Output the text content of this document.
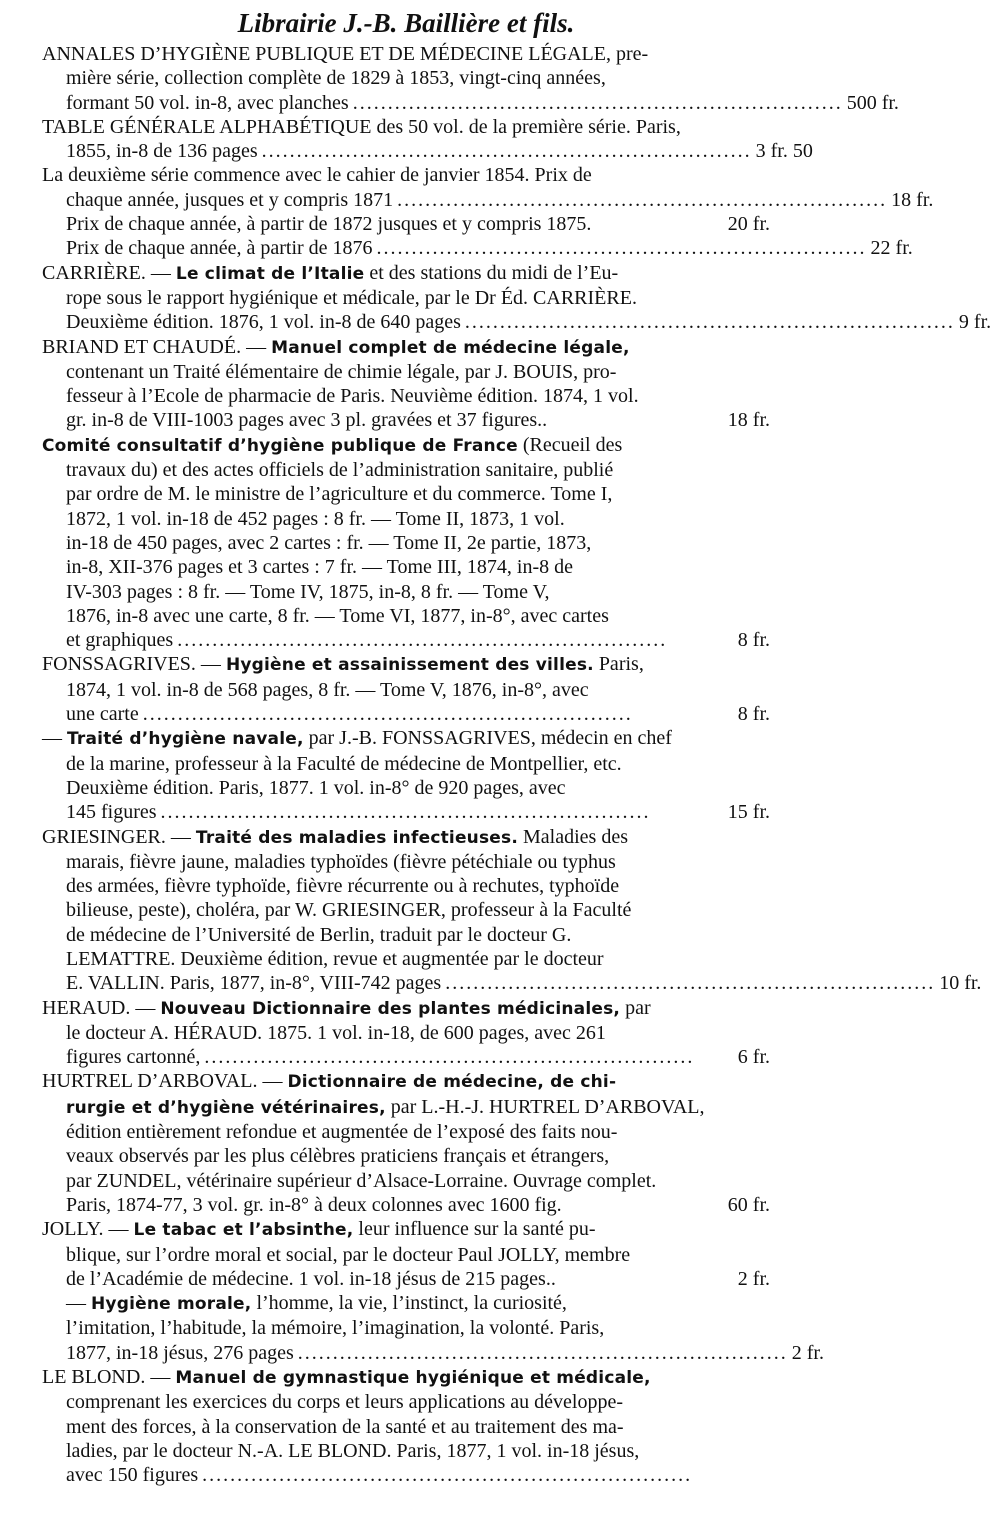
Librairie J.-B. Baillière et fils.
ANNALES D’HYGIÈNE PUBLIQUE ET DE MÉDECINE LÉGALE, pre-
mière série, collection complète de 1829 à 1853, vingt-cinq années,
formant 50 vol. in-8, avec planches ...................................................................... 500 fr.
TABLE GÉNÉRALE ALPHABÉTIQUE des 50 vol. de la première série. Paris,
1855, in-8 de 136 pages ...................................................................... 3 fr. 50
La deuxième série commence avec le cahier de janvier 1854. Prix de
chaque année, jusques et y compris 1871 ...................................................................... 18 fr.
Prix de chaque année, à partir de 1872 jusques et y compris 1875.	20 fr.
Prix de chaque année, à partir de 1876 ...................................................................... 22 fr.
CARRIÈRE. — Le climat de l’Italie et des stations du midi de l’Eu-
rope sous le rapport hygiénique et médicale, par le Dr Éd. CARRIÈRE.
Deuxième édition. 1876, 1 vol. in-8 de 640 pages ...................................................................... 9 fr.
BRIAND ET CHAUDÉ. — Manuel complet de médecine légale,
contenant un Traité élémentaire de chimie légale, par J. BOUIS, pro-
fesseur à l’Ecole de pharmacie de Paris. Neuvième édition. 1874, 1 vol.
gr. in-8 de VIII-1003 pages avec 3 pl. gravées et 37 figures..	18 fr.
Comité consultatif d’hygiène publique de France (Recueil des
travaux du) et des actes officiels de l’administration sanitaire, publié
par ordre de M. le ministre de l’agriculture et du commerce. Tome I,
1872, 1 vol. in-18 de 452 pages : 8 fr. — Tome II, 1873, 1 vol.
in-18 de 450 pages, avec 2 cartes : fr. — Tome II, 2e partie, 1873,
in-8, XII-376 pages et 3 cartes : 7 fr. — Tome III, 1874, in-8 de
IV-303 pages : 8 fr. — Tome IV, 1875, in-8, 8 fr. — Tome V,
1876, in-8 avec une carte, 8 fr. — Tome VI, 1877, in-8°, avec cartes
et graphiques ......................................................................	8 fr.
FONSSAGRIVES. — Hygiène et assainissement des villes. Paris,
1874, 1 vol. in-8 de 568 pages, 8 fr. — Tome V, 1876, in-8°, avec
une carte ......................................................................	8 fr.
— Traité d’hygiène navale, par J.-B. FONSSAGRIVES, médecin en chef
de la marine, professeur à la Faculté de médecine de Montpellier, etc.
Deuxième édition. Paris, 1877. 1 vol. in-8° de 920 pages, avec
145 figures ......................................................................	15 fr.
GRIESINGER. — Traité des maladies infectieuses. Maladies des
marais, fièvre jaune, maladies typhoïdes (fièvre pétéchiale ou typhus
des armées, fièvre typhoïde, fièvre récurrente ou à rechutes, typhoïde
bilieuse, peste), choléra, par W. GRIESINGER, professeur à la Faculté
de médecine de l’Université de Berlin, traduit par le docteur G.
LEMATTRE. Deuxième édition, revue et augmentée par le docteur
E. VALLIN. Paris, 1877, in-8°, VIII-742 pages ...................................................................... 10 fr.
HERAUD. — Nouveau Dictionnaire des plantes médicinales, par
le docteur A. HÉRAUD. 1875. 1 vol. in-18, de 600 pages, avec 261
figures cartonné, ......................................................................	6 fr.
HURTREL D’ARBOVAL. — Dictionnaire de médecine, de chi-
rurgie et d’hygiène vétérinaires, par L.-H.-J. HURTREL D’ARBOVAL,
édition entièrement refondue et augmentée de l’exposé des faits nou-
veaux observés par les plus célèbres praticiens français et étrangers,
par ZUNDEL, vétérinaire supérieur d’Alsace-Lorraine. Ouvrage complet.
Paris, 1874-77, 3 vol. gr. in-8° à deux colonnes avec 1600 fig.	60 fr.
JOLLY. — Le tabac et l’absinthe, leur influence sur la santé pu-
blique, sur l’ordre moral et social, par le docteur Paul JOLLY, membre
de l’Académie de médecine. 1 vol. in-18 jésus de 215 pages..	2 fr.
— Hygiène morale, l’homme, la vie, l’instinct, la curiosité,
l’imitation, l’habitude, la mémoire, l’imagination, la volonté. Paris,
1877, in-18 jésus, 276 pages ...................................................................... 2 fr.
LE BLOND. — Manuel de gymnastique hygiénique et médicale,
comprenant les exercices du corps et leurs applications au développe-
ment des forces, à la conservation de la santé et au traitement des ma-
ladies, par le docteur N.-A. LE BLOND. Paris, 1877, 1 vol. in-18 jésus,
avec 150 figures ......................................................................
